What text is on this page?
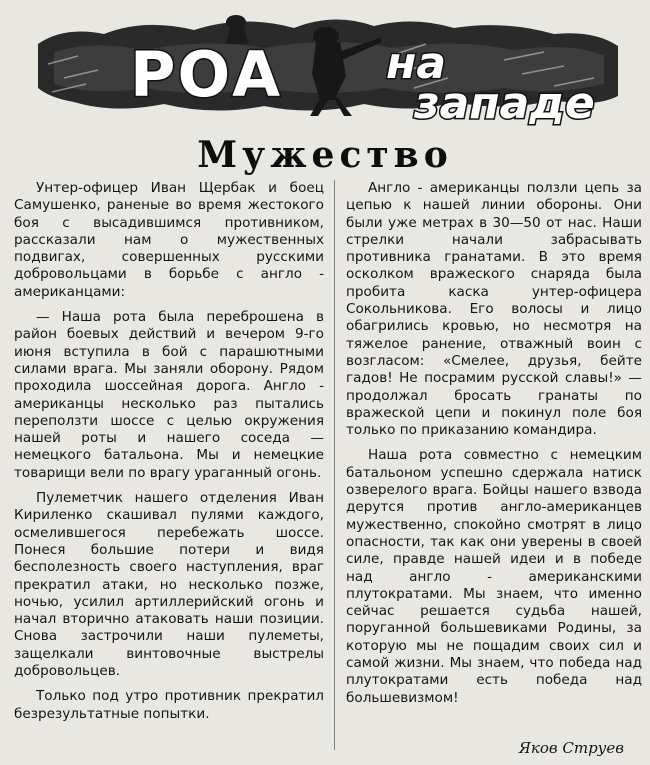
РОА на
западе
Мужество

Унтер-офицер Иван Щербак и боец Самушенко, раненые во время жестокого боя с высадившимся противником, рассказали нам о мужественных подвигах, совершенных русскими добровольцами в борьбе с англо - американцами:

— Наша рота была переброшена в район боевых действий и вечером 9-го июня вступила в бой с парашютными силами врага. Мы заняли оборону. Рядом проходила шоссейная дорога. Англо - американцы несколько раз пытались переползти шоссе с целью окружения нашей роты и нашего соседа — немецкого батальона. Мы и немецкие товарищи вели по врагу ураганный огонь.

Пулеметчик нашего отделения Иван Кириленко скашивал пулями каждого, осмелившегося перебежать шоссе. Понеся большие потери и видя бесполезность своего наступления, враг прекратил атаки, но несколько позже, ночью, усилил артиллерийский огонь и начал вторично атаковать наши позиции. Снова застрочили наши пулеметы, защелкали винтовочные выстрелы добровольцев.

Только под утро противник прекратил безрезультатные попытки.

Англо - американцы ползли цепь за цепью к нашей линии обороны. Они были уже метрах в 30—50 от нас. Наши стрелки начали забрасывать противника гранатами. В это время осколком вражеского снаряда была пробита каска унтер-офицера Сокольникова. Его волосы и лицо обагрились кровью, но несмотря на тяжелое ранение, отважный воин с возгласом: «Смелее, друзья, бейте гадов! Не посрамим русской славы!» — продолжал бросать гранаты по вражеской цепи и покинул поле боя только по приказанию командира.

Наша рота совместно с немецким батальоном успешно сдержала натиск озверелого врага. Бойцы нашего взвода дерутся против англо-американцев мужественно, спокойно смотрят в лицо опасности, так как они уверены в своей силе, правде нашей идеи и в победе над англо - американскими плутократами. Мы знаем, что именно сейчас решается судьба нашей, поруганной большевиками Родины, за которую мы не пощадим своих сил и самой жизни. Мы знаем, что победа над плутократами есть победа над большевизмом!

Яков Струев
